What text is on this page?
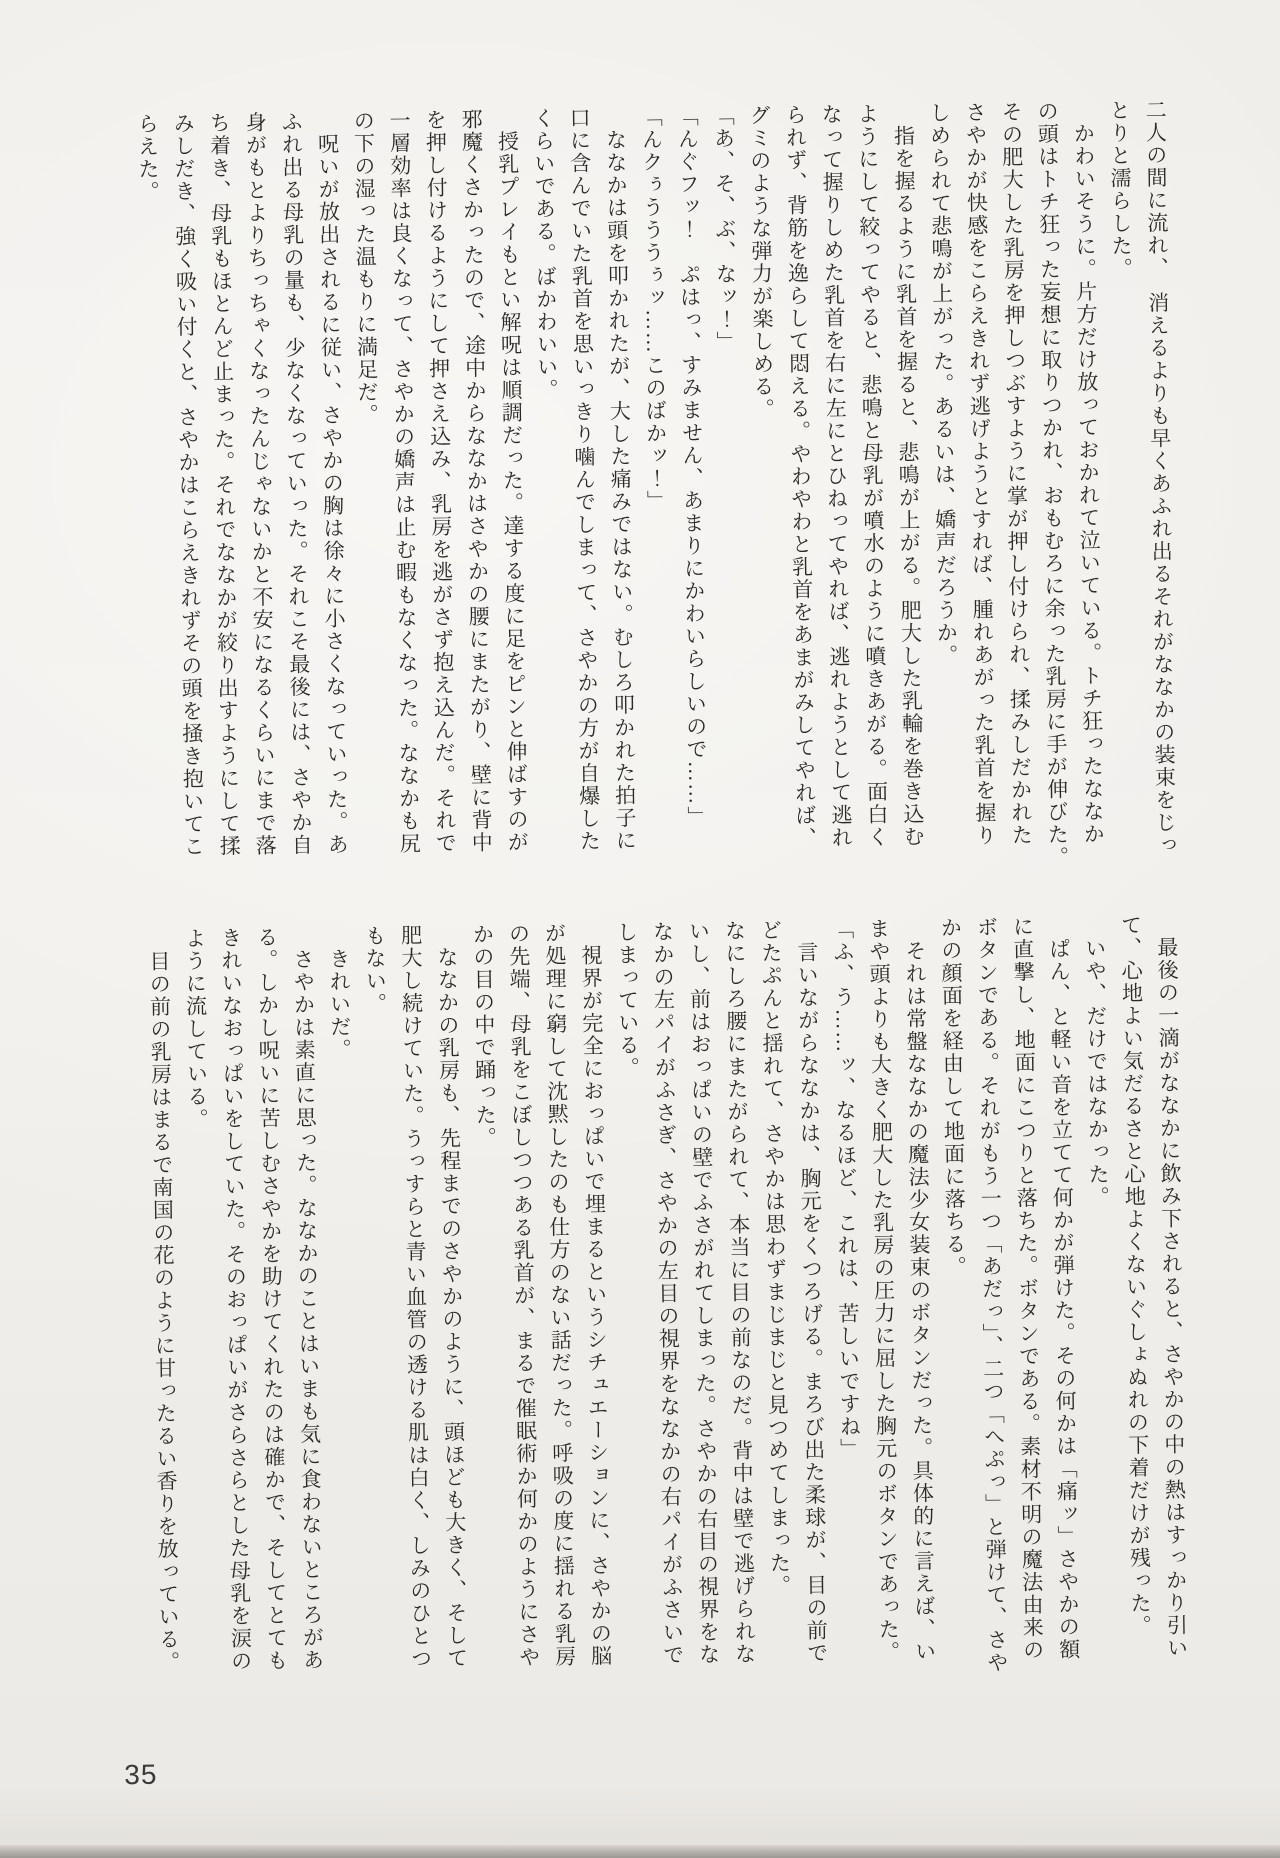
二人の間に流れ、　消えるよりも早くあふれ出るそれがななかの装束をじっ
とりと濡らした。
　かわいそうに。片方だけ放っておかれて泣いている。トチ狂ったななか
の頭はトチ狂った妄想に取りつかれ、おもむろに余った乳房に手が伸びた。
その肥大した乳房を押しつぶすように掌が押し付けられ、揉みしだかれた
さやかが快感をこらえきれず逃げようとすれば、腫れあがった乳首を握り
しめられて悲鳴が上がった。あるいは、嬌声だろうか。
　指を握るように乳首を握ると、悲鳴が上がる。肥大した乳輪を巻き込む
ようにして絞ってやると、悲鳴と母乳が噴水のように噴きあがる。面白く
なって握りしめた乳首を右に左にとひねってやれば、逃れようとして逃れ
られず、背筋を逸らして悶える。やわやわと乳首をあまがみしてやれば、
グミのような弾力が楽しめる。
「あ、そ、ぶ、なッ！」
「んぐフッ！　ぷはっ、すみません、あまりにかわいらしいので……」
「んクぅうううぅッ……このばかッ！」
　ななかは頭を叩かれたが、大した痛みではない。むしろ叩かれた拍子に
口に含んでいた乳首を思いっきり噛んでしまって、さやかの方が自爆した
くらいである。ばかわいい。
　授乳プレイもとい解呪は順調だった。達する度に足をピンと伸ばすのが
邪魔くさかったので、途中からななかはさやかの腰にまたがり、壁に背中
を押し付けるようにして押さえ込み、乳房を逃がさず抱え込んだ。それで
一層効率は良くなって、さやかの嬌声は止む暇もなくなった。ななかも尻
の下の湿った温もりに満足だ。
　呪いが放出されるに従い、さやかの胸は徐々に小さくなっていった。あ
ふれ出る母乳の量も、少なくなっていった。それこそ最後には、さやか自
身がもとよりちっちゃくなったんじゃないかと不安になるくらいにまで落
ち着き、母乳もほとんど止まった。それでななかが絞り出すようにして揉
みしだき、強く吸い付くと、さやかはこらえきれずその頭を掻き抱いてこ
らえた。
　最後の一滴がななかに飲み下されると、さやかの中の熱はすっかり引い
て、心地よい気だるさと心地よくないぐしょぬれの下着だけが残った。
　いや、だけではなかった。
　ぱん、と軽い音を立てて何かが弾けた。その何かは「痛ッ」さやかの額
に直撃し、地面にこつりと落ちた。ボタンである。素材不明の魔法由来の
ボタンである。それがもう一つ「あだっ」、二つ「へぷっ」と弾けて、さや
かの顔面を経由して地面に落ちる。
　それは常盤ななかの魔法少女装束のボタンだった。具体的に言えば、い
まや頭よりも大きく肥大した乳房の圧力に屈した胸元のボタンであった。
「ふ、う……ッ、なるほど、これは、苦しいですね」
　言いながらななかは、胸元をくつろげる。まろび出た柔球が、目の前で
どたぷんと揺れて、さやかは思わずまじまじと見つめてしまった。
なにしろ腰にまたがられて、本当に目の前なのだ。背中は壁で逃げられな
いし、前はおっぱいの壁でふさがれてしまった。さやかの右目の視界をな
なかの左パイがふさぎ、さやかの左目の視界をななかの右パイがふさいで
しまっている。
　視界が完全におっぱいで埋まるというシチュエーションに、さやかの脳
が処理に窮して沈黙したのも仕方のない話だった。呼吸の度に揺れる乳房
の先端、母乳をこぼしつつある乳首が、まるで催眠術か何かのようにさや
かの目の中で踊った。
　ななかの乳房も、先程までのさやかのように、頭ほども大きく、そして
肥大し続けていた。うっすらと青い血管の透ける肌は白く、しみのひとつ
もない。
　きれいだ。
　さやかは素直に思った。ななかのことはいまも気に食わないところがあ
る。しかし呪いに苦しむさやかを助けてくれたのは確かで、そしてとても
きれいなおっぱいをしていた。そのおっぱいがさらさらとした母乳を涙の
ように流している。
　目の前の乳房はまるで南国の花のように甘ったるい香りを放っている。
35
